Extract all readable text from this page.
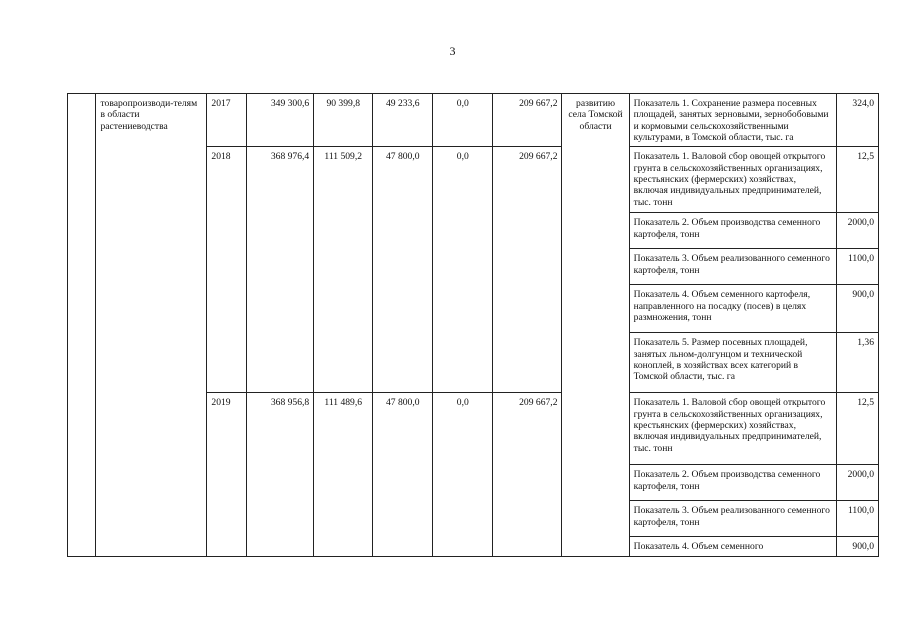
3
	товаропроизводи-телям в области растениеводства	2017	349 300,6	90 399,8	49 233,6	0,0	209 667,2	развитию села Томской области	Показатель 1. Сохранение размера посевных площадей, занятых зерновыми, зернобобовыми и кормовыми сельскохозяйственными культурами, в Томской области, тыс. га	324,0
		2018	368 976,4	111 509,2	47 800,0	0,0	209 667,2		Показатель 1. Валовой сбор овощей открытого грунта в сельскохозяйственных организациях, крестьянских (фермерских) хозяйствах, включая индивидуальных предпринимателей, тыс. тонн	12,5
									Показатель 2. Объем производства семенного картофеля, тонн	2000,0
									Показатель 3. Объем реализованного семенного картофеля, тонн	1100,0
									Показатель 4. Объем семенного картофеля, направленного на посадку (посев) в целях размножения, тонн	900,0
									Показатель 5. Размер посевных площадей, занятых льном-долгунцом и технической коноплей, в хозяйствах всех категорий в Томской области, тыс. га	1,36
		2019	368 956,8	111 489,6	47 800,0	0,0	209 667,2		Показатель 1. Валовой сбор овощей открытого грунта в сельскохозяйственных организациях, крестьянских (фермерских) хозяйствах, включая индивидуальных предпринимателей, тыс. тонн	12,5
									Показатель 2. Объем производства семенного картофеля, тонн	2000,0
									Показатель 3. Объем реализованного семенного картофеля, тонн	1100,0
									Показатель 4. Объем семенного	900,0
